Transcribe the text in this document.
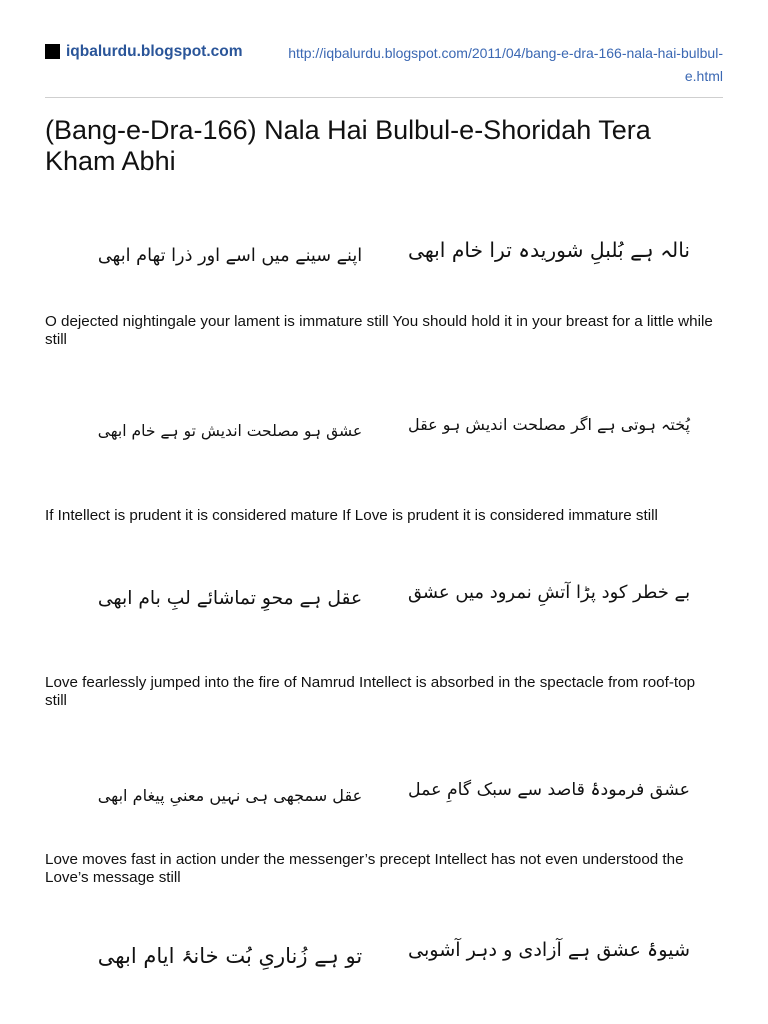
iqbalurdu.blogspot.com	http://iqbalurdu.blogspot.com/2011/04/bang-e-dra-166-nala-hai-bulbul-
e.html
(Bang-e-Dra-166) Nala Hai Bulbul-e-Shoridah Tera
Kham Abhi
نالہ ہے بُلبلِ شوریدہ ترا خام ابھی
اپنے سینے میں اسے اور ذرا تھام ابھی

O dejected nightingale your lament is immature still You should hold it in your breast for a little while
still

پُختہ ہوتی ہے اگر مصلحت اندیش ہو عقل
عشق ہو مصلحت اندیش تو ہے خام ابھی

If Intellect is prudent it is considered mature If Love is prudent it is considered immature still

بے خطر کود پڑا آتشِ نمرود میں عشق
عقل ہے محوِ تماشائے لبِ بام ابھی

Love fearlessly jumped into the fire of Namrud Intellect is absorbed in the spectacle from roof-top
still

عشق فرمودۂ قاصد سے سبک گامِ عمل
عقل سمجھی ہی نہیں معنیِ پیغام ابھی

Love moves fast in action under the messenger’s precept Intellect has not even understood the
Love’s message still

شیوۂ عشق ہے آزادی و دہر آشوبی
تو ہے زُناریِ بُت خانۂ ایام ابھی
